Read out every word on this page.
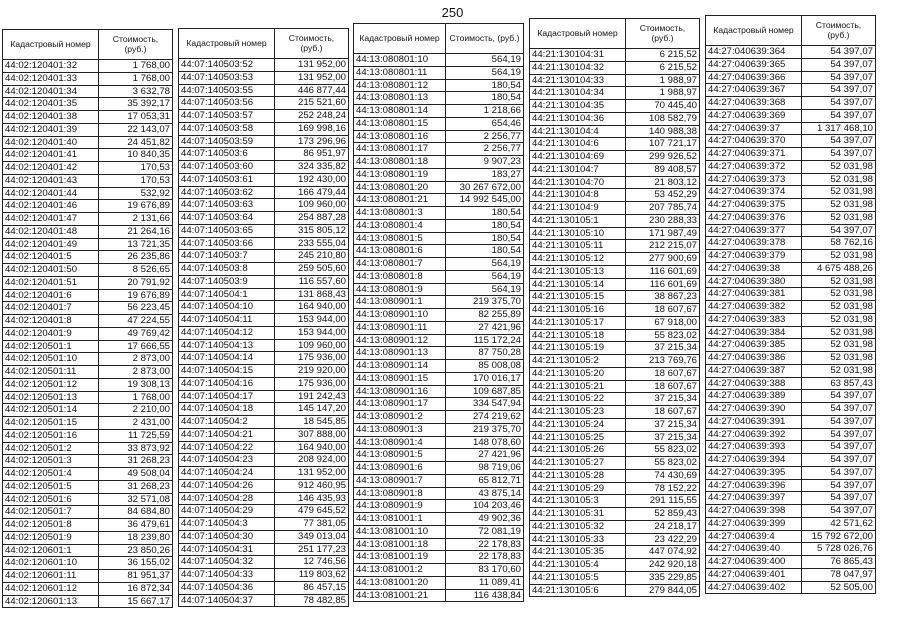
250
Кадастровый номер	Стоимость, (руб.)
44:02:120401:32	1 768,00
44:02:120401:33	1 768,00
44:02:120401:34	3 632,78
44:02:120401:35	35 392,17
44:02:120401:38	17 053,31
44:02:120401:39	22 143,07
44:02:120401:40	24 451,82
44:02:120401:41	10 840,35
44:02:120401:42	170,53
44:02:120401:43	170,53
44:02:120401:44	532,92
44:02:120401:46	19 676,89
44:02:120401:47	2 131,66
44:02:120401:48	21 264,16
44:02:120401:49	13 721,35
44:02:120401:5	26 235,86
44:02:120401:50	8 526,65
44:02:120401:51	20 791,92
44:02:120401:6	19 676,89
44:02:120401:7	56 223,45
44:02:120401:8	47 224,55
44:02:120401:9	49 769,42
44:02:120501:1	17 666,55
44:02:120501:10	2 873,00
44:02:120501:11	2 873,00
44:02:120501:12	19 308,13
44:02:120501:13	1 768,00
44:02:120501:14	2 210,00
44:02:120501:15	2 431,00
44:02:120501:16	11 725,59
44:02:120501:2	33 873,92
44:02:120501:3	31 268,23
44:02:120501:4	49 508,04
44:02:120501:5	31 268,23
44:02:120501:6	32 571,08
44:02:120501:7	84 684,80
44:02:120501:8	36 479,61
44:02:120501:9	18 239,80
44:02:120601:1	23 850,26
44:02:120601:10	36 155,02
44:02:120601:11	81 951,37
44:02:120601:12	16 872,34
44:02:120601:13	15 667,17
Кадастровый номер	Стоимость, (руб.)
44:07:140503:52	131 952,00
44:07:140503:53	131 952,00
44:07:140503:55	446 877,44
44:07:140503:56	215 521,60
44:07:140503:57	252 248,24
44:07:140503:58	169 998,16
44:07:140503:59	173 296,96
44:07:140503:6	86 951,97
44:07:140503:60	324 335,82
44:07:140503:61	192 430,00
44:07:140503:62	166 479,44
44:07:140503:63	109 960,00
44:07:140503:64	254 887,28
44:07:140503:65	315 805,12
44:07:140503:66	233 555,04
44:07:140503:7	245 210,80
44:07:140503:8	259 505,60
44:07:140503:9	116 557,60
44:07:140504:1	131 868,43
44:07:140504:10	164 940,00
44:07:140504:11	153 944,00
44:07:140504:12	153 944,00
44:07:140504:13	109 960,00
44:07:140504:14	175 936,00
44:07:140504:15	219 920,00
44:07:140504:16	175 936,00
44:07:140504:17	191 242,43
44:07:140504:18	145 147,20
44:07:140504:2	18 545,85
44:07:140504:21	307 888,00
44:07:140504:22	164 940,00
44:07:140504:23	208 924,00
44:07:140504:24	131 952,00
44:07:140504:26	912 460,95
44:07:140504:28	146 435,93
44:07:140504:29	479 645,52
44:07:140504:3	77 381,05
44:07:140504:30	349 013,04
44:07:140504:31	251 177,23
44:07:140504:32	12 746,56
44:07:140504:33	119 803,62
44:07:140504:36	86 457,15
44:07:140504:37	78 482,85
Кадастровый номер	Стоимость, (руб.)
44:13:080801:10	564,19
44:13:080801:11	564,19
44:13:080801:12	180,54
44:13:080801:13	180,54
44:13:080801:14	1 218,66
44:13:080801:15	654,46
44:13:080801:16	2 256,77
44:13:080801:17	2 256,77
44:13:080801:18	9 907,23
44:13:080801:19	183,27
44:13:080801:20	30 267 672,00
44:13:080801:21	14 992 545,00
44:13:080801:3	180,54
44:13:080801:4	180,54
44:13:080801:5	180,54
44:13:080801:6	180,54
44:13:080801:7	564,19
44:13:080801:8	564,19
44:13:080801:9	564,19
44:13:080901:1	219 375,70
44:13:080901:10	82 255,89
44:13:080901:11	27 421,96
44:13:080901:12	115 172,24
44:13:080901:13	87 750,28
44:13:080901:14	85 008,08
44:13:080901:15	170 016,17
44:13:080901:16	109 687,85
44:13:080901:17	334 547,94
44:13:080901:2	274 219,62
44:13:080901:3	219 375,70
44:13:080901:4	148 078,60
44:13:080901:5	27 421,96
44:13:080901:6	98 719,06
44:13:080901:7	65 812,71
44:13:080901:8	43 875,14
44:13:080901:9	104 203,46
44:13:081001:1	49 902,36
44:13:081001:10	72 081,19
44:13:081001:18	22 178,83
44:13:081001:19	22 178,83
44:13:081001:2	83 170,60
44:13:081001:20	11 089,41
44:13:081001:21	116 438,84
Кадастровый номер	Стоимость, (руб.)
44:21:130104:31	6 215,52
44:21:130104:32	6 215,52
44:21:130104:33	1 988,97
44:21:130104:34	1 988,97
44:21:130104:35	70 445,40
44:21:130104:36	108 582,79
44:21:130104:4	140 988,38
44:21:130104:6	107 721,17
44:21:130104:69	299 926,52
44:21:130104:7	89 408,57
44:21:130104:70	21 803,12
44:21:130104:8	53 452,29
44:21:130104:9	207 785,74
44:21:130105:1	230 288,33
44:21:130105:10	171 987,49
44:21:130105:11	212 215,07
44:21:130105:12	277 900,69
44:21:130105:13	116 601,69
44:21:130105:14	116 601,69
44:21:130105:15	38 867,23
44:21:130105:16	18 607,67
44:21:130105:17	67 918,00
44:21:130105:18	55 823,02
44:21:130105:19	37 215,34
44:21:130105:2	213 769,76
44:21:130105:20	18 607,67
44:21:130105:21	18 607,67
44:21:130105:22	37 215,34
44:21:130105:23	18 607,67
44:21:130105:24	37 215,34
44:21:130105:25	37 215,34
44:21:130105:26	55 823,02
44:21:130105:27	55 823,02
44:21:130105:28	74 430,69
44:21:130105:29	78 152,22
44:21:130105:3	291 115,55
44:21:130105:31	52 859,43
44:21:130105:32	24 218,17
44:21:130105:33	23 422,29
44:21:130105:35	447 074,92
44:21:130105:4	242 920,18
44:21:130105:5	335 229,85
44:21:130105:6	279 844,05
Кадастровый номер	Стоимость, (руб.)
44:27:040639:364	54 397,07
44:27:040639:365	54 397,07
44:27:040639:366	54 397,07
44:27:040639:367	54 397,07
44:27:040639:368	54 397,07
44:27:040639:369	54 397,07
44:27:040639:37	1 317 468,10
44:27:040639:370	54 397,07
44:27:040639:371	54 397,07
44:27:040639:372	52 031,98
44:27:040639:373	52 031,98
44:27:040639:374	52 031,98
44:27:040639:375	52 031,98
44:27:040639:376	52 031,98
44:27:040639:377	54 397,07
44:27:040639:378	58 762,16
44:27:040639:379	52 031,98
44:27:040639:38	4 675 488,26
44:27:040639:380	52 031,98
44:27:040639:381	52 031,98
44:27:040639:382	52 031,98
44:27:040639:383	52 031,98
44:27:040639:384	52 031,98
44:27:040639:385	52 031,98
44:27:040639:386	52 031,98
44:27:040639:387	52 031,98
44:27:040639:388	63 857,43
44:27:040639:389	54 397,07
44:27:040639:390	54 397,07
44:27:040639:391	54 397,07
44:27:040639:392	54 397,07
44:27:040639:393	54 397,07
44:27:040639:394	54 397,07
44:27:040639:395	54 397,07
44:27:040639:396	54 397,07
44:27:040639:397	54 397,07
44:27:040639:398	54 397,07
44:27:040639:399	42 571,62
44:27:040639:4	15 792 672,00
44:27:040639:40	5 728 026,76
44:27:040639:400	76 865,43
44:27:040639:401	78 047,97
44:27:040639:402	52 505,00
